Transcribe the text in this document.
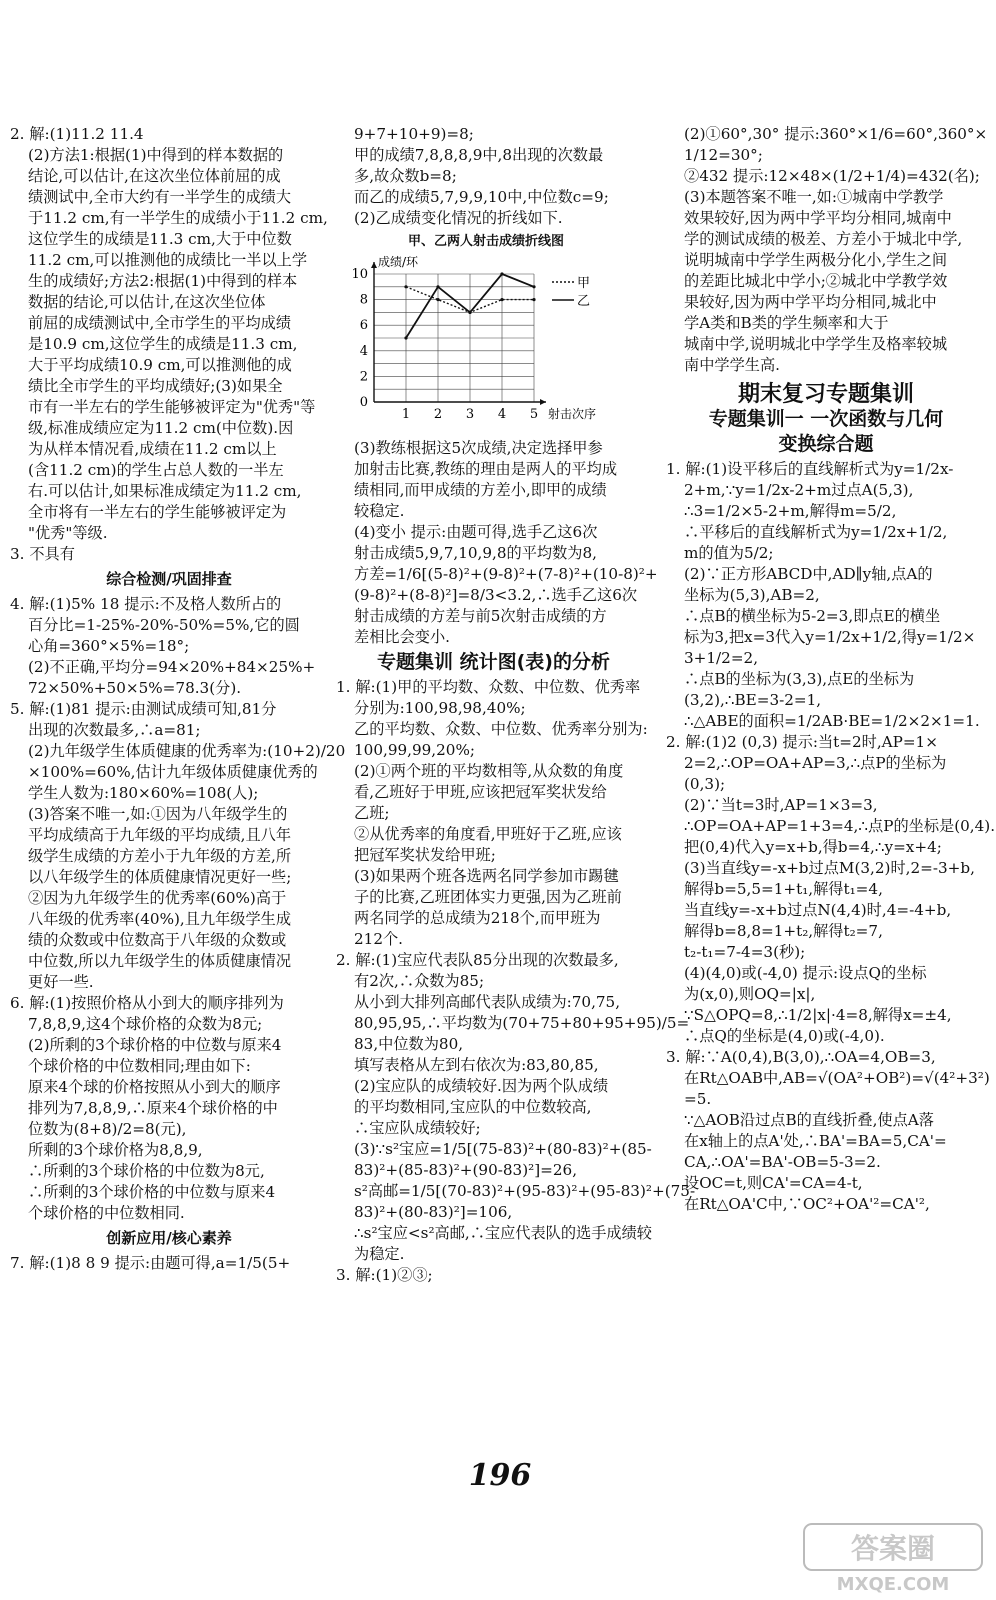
2. 解:(1)11.2 11.4
(2)方法1:根据(1)中得到的样本数据的
结论,可以估计,在这次坐位体前屈的成
绩测试中,全市大约有一半学生的成绩大
于11.2 cm,有一半学生的成绩小于11.2 cm,
这位学生的成绩是11.3 cm,大于中位数
11.2 cm,可以推测他的成绩比一半以上学
生的成绩好;方法2:根据(1)中得到的样本
数据的结论,可以估计,在这次坐位体
前屈的成绩测试中,全市学生的平均成绩
是10.9 cm,这位学生的成绩是11.3 cm,
大于平均成绩10.9 cm,可以推测他的成
绩比全市学生的平均成绩好;(3)如果全
市有一半左右的学生能够被评定为"优秀"等
级,标准成绩应定为11.2 cm(中位数).因
为从样本情况看,成绩在11.2 cm以上
(含11.2 cm)的学生占总人数的一半左
右.可以估计,如果标准成绩定为11.2 cm,
全市将有一半左右的学生能够被评定为
"优秀"等级.
3. 不具有
综合检测/巩固排查
4. 解:(1)5% 18 提示:不及格人数所占的
百分比=1-25%-20%-50%=5%,它的圆
心角=360°×5%=18°;
(2)不正确,平均分=94×20%+84×25%+
72×50%+50×5%=78.3(分).
5. 解:(1)81 提示:由测试成绩可知,81分
出现的次数最多,∴a=81;
(2)九年级学生体质健康的优秀率为:(10+2)/20
×100%=60%,估计九年级体质健康优秀的
学生人数为:180×60%=108(人);
(3)答案不唯一,如:①因为八年级学生的
平均成绩高于九年级的平均成绩,且八年
级学生成绩的方差小于九年级的方差,所
以八年级学生的体质健康情况更好一些;
②因为九年级学生的优秀率(60%)高于
八年级的优秀率(40%),且九年级学生成
绩的众数或中位数高于八年级的众数或
中位数,所以九年级学生的体质健康情况
更好一些.
6. 解:(1)按照价格从小到大的顺序排列为
7,8,8,9,这4个球价格的众数为8元;
(2)所剩的3个球价格的中位数与原来4
个球价格的中位数相同;理由如下:
原来4个球的价格按照从小到大的顺序
排列为7,8,8,9,∴原来4个球价格的中
位数为(8+8)/2=8(元),
所剩的3个球价格为8,8,9,
∴所剩的3个球价格的中位数为8元,
∴所剩的3个球价格的中位数与原来4
个球价格的中位数相同.
创新应用/核心素养
7. 解:(1)8 8 9 提示:由题可得,a=1/5(5+
9+7+10+9)=8;
甲的成绩7,8,8,8,9中,8出现的次数最
多,故众数b=8;
而乙的成绩5,7,9,9,10中,中位数c=9;
(2)乙成绩变化情况的折线如下.
甲、乙两人射击成绩折线图
0
2
4
6
8
10
1 2 3 4 5
成绩/环
射击次序
甲
乙
(3)教练根据这5次成绩,决定选择甲参
加射击比赛,教练的理由是两人的平均成
绩相同,而甲成绩的方差小,即甲的成绩
较稳定.
(4)变小 提示:由题可得,选手乙这6次
射击成绩5,9,7,10,9,8的平均数为8,
方差=1/6[(5-8)²+(9-8)²+(7-8)²+(10-8)²+
(9-8)²+(8-8)²]=8/3<3.2,∴选手乙这6次
射击成绩的方差与前5次射击成绩的方
差相比会变小.
专题集训 统计图(表)的分析
1. 解:(1)甲的平均数、众数、中位数、优秀率
分别为:100,98,98,40%;
乙的平均数、众数、中位数、优秀率分别为:
100,99,99,20%;
(2)①两个班的平均数相等,从众数的角度
看,乙班好于甲班,应该把冠军奖状发给
乙班;
②从优秀率的角度看,甲班好于乙班,应该
把冠军奖状发给甲班;
(3)如果两个班各选两名同学参加市踢毽
子的比赛,乙班团体实力更强,因为乙班前
两名同学的总成绩为218个,而甲班为
212个.
2. 解:(1)宝应代表队85分出现的次数最多,
有2次,∴众数为85;
从小到大排列高邮代表队成绩为:70,75,
80,95,95,∴平均数为(70+75+80+95+95)/5=
83,中位数为80,
填写表格从左到右依次为:83,80,85,
(2)宝应队的成绩较好.因为两个队成绩
的平均数相同,宝应队的中位数较高,
∴宝应队成绩较好;
(3)∵s²宝应=1/5[(75-83)²+(80-83)²+(85-
83)²+(85-83)²+(90-83)²]=26,
s²高邮=1/5[(70-83)²+(95-83)²+(95-83)²+(75-
83)²+(80-83)²]=106,
∴s²宝应<s²高邮,∴宝应代表队的选手成绩较
为稳定.
3. 解:(1)②③;
(2)①60°,30° 提示:360°×1/6=60°,360°×
1/12=30°;
②432 提示:12×48×(1/2+1/4)=432(名);
(3)本题答案不唯一,如:①城南中学教学
效果较好,因为两中学平均分相同,城南中
学的测试成绩的极差、方差小于城北中学,
说明城南中学学生两极分化小,学生之间
的差距比城北中学小;②城北中学教学效
果较好,因为两中学平均分相同,城北中
学A类和B类的学生频率和大于
城南中学,说明城北中学学生及格率较城
南中学学生高.
期末复习专题集训
专题集训一 一次函数与几何
变换综合题
1. 解:(1)设平移后的直线解析式为y=1/2x-
2+m,∵y=1/2x-2+m过点A(5,3),
∴3=1/2×5-2+m,解得m=5/2,
∴平移后的直线解析式为y=1/2x+1/2,
m的值为5/2;
(2)∵正方形ABCD中,AD∥y轴,点A的
坐标为(5,3),AB=2,
∴点B的横坐标为5-2=3,即点E的横坐
标为3,把x=3代入y=1/2x+1/2,得y=1/2×
3+1/2=2,
∴点B的坐标为(3,3),点E的坐标为
(3,2),∴BE=3-2=1,
∴△ABE的面积=1/2AB·BE=1/2×2×1=1.
2. 解:(1)2 (0,3) 提示:当t=2时,AP=1×
2=2,∴OP=OA+AP=3,∴点P的坐标为
(0,3);
(2)∵当t=3时,AP=1×3=3,
∴OP=OA+AP=1+3=4,∴点P的坐标是(0,4).
把(0,4)代入y=x+b,得b=4,∴y=x+4;
(3)当直线y=-x+b过点M(3,2)时,2=-3+b,
解得b=5,5=1+t₁,解得t₁=4,
当直线y=-x+b过点N(4,4)时,4=-4+b,
解得b=8,8=1+t₂,解得t₂=7,
t₂-t₁=7-4=3(秒);
(4)(4,0)或(-4,0) 提示:设点Q的坐标
为(x,0),则OQ=|x|,
∵S△OPQ=8,∴1/2|x|·4=8,解得x=±4,
∴点Q的坐标是(4,0)或(-4,0).
3. 解:∵A(0,4),B(3,0),∴OA=4,OB=3,
在Rt△OAB中,AB=√(OA²+OB²)=√(4²+3²)
=5.
∵△AOB沿过点B的直线折叠,使点A落
在x轴上的点A'处,∴BA'=BA=5,CA'=
CA,∴OA'=BA'-OB=5-3=2.
设OC=t,则CA'=CA=4-t,
在Rt△OA'C中,∵OC²+OA'²=CA'²,
196
答案圈
MXQE.COM
